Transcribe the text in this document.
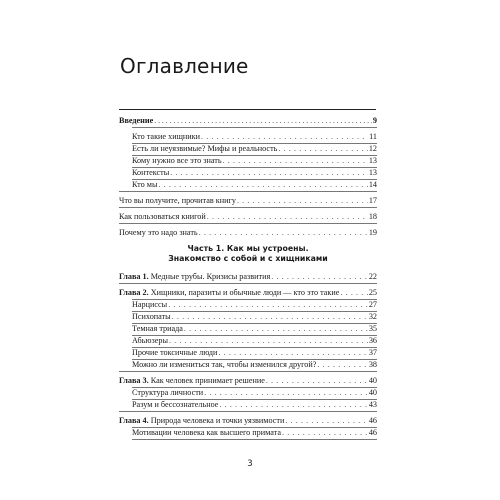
Оглавление
Введение .....	9
Кто такие хищники . . .	11
Есть ли неуязвимые? Мифы и реальность . . .	12
Кому нужно все это знать . . .	13
Контексты . . .	13
Кто мы . . .	14
Что вы получите, прочитав книгу . . .	17
Как пользоваться книгой . . .	18
Почему это надо знать . . .	19
Часть 1. Как мы устроены.
Знакомство с собой и с хищниками
Глава 1. Медные трубы. Кризисы развития . . .	22
Глава 2. Хищники, паразиты и обычные люди — кто это такие . . .	25
Нарциссы . . .	27
Психопаты . . .	32
Темная триада . . .	35
Абьюзеры . . .	36
Прочие токсичные люди . . .	37
Можно ли измениться так, чтобы изменился другой? . . .	38
Глава 3. Как человек принимает решение . . .	40
Структура личности . . .	40
Разум и бессознательное . . .	43
Глава 4. Природа человека и точки уязвимости . . .	46
Мотивации человека как высшего примата . . .	46
3
